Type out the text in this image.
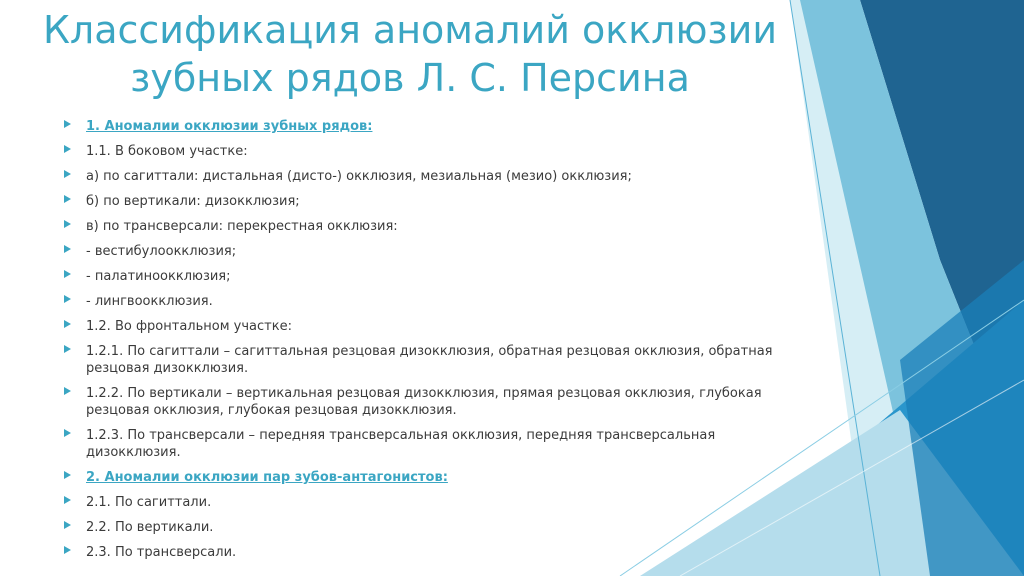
Классификация аномалий окклюзии
зубных рядов Л. С. Персина
1. Аномалии окклюзии зубных рядов:
1.1. В боковом участке:
а) по сагиттали: дистальная (дисто-) окклюзия, мезиальная (мезио) окклюзия;
б) по вертикали: дизокклюзия;
в) по трансверсали: перекрестная окклюзия:
- вестибулоокклюзия;
- палатиноокклюзия;
- лингвоокклюзия.
1.2. Во фронтальном участке:
1.2.1. По сагиттали – сагиттальная резцовая дизокклюзия, обратная резцовая окклюзия, обратная резцовая дизокклюзия.
1.2.2. По вертикали – вертикальная резцовая дизокклюзия, прямая резцовая окклюзия, глубокая резцовая окклюзия, глубокая резцовая дизокклюзия.
1.2.3. По трансверсали – передняя трансверсальная окклюзия, передняя трансверсальная дизокклюзия.
2. Аномалии окклюзии пар зубов-антагонистов:
2.1. По сагиттали.
2.2. По вертикали.
2.3. По трансверсали.
